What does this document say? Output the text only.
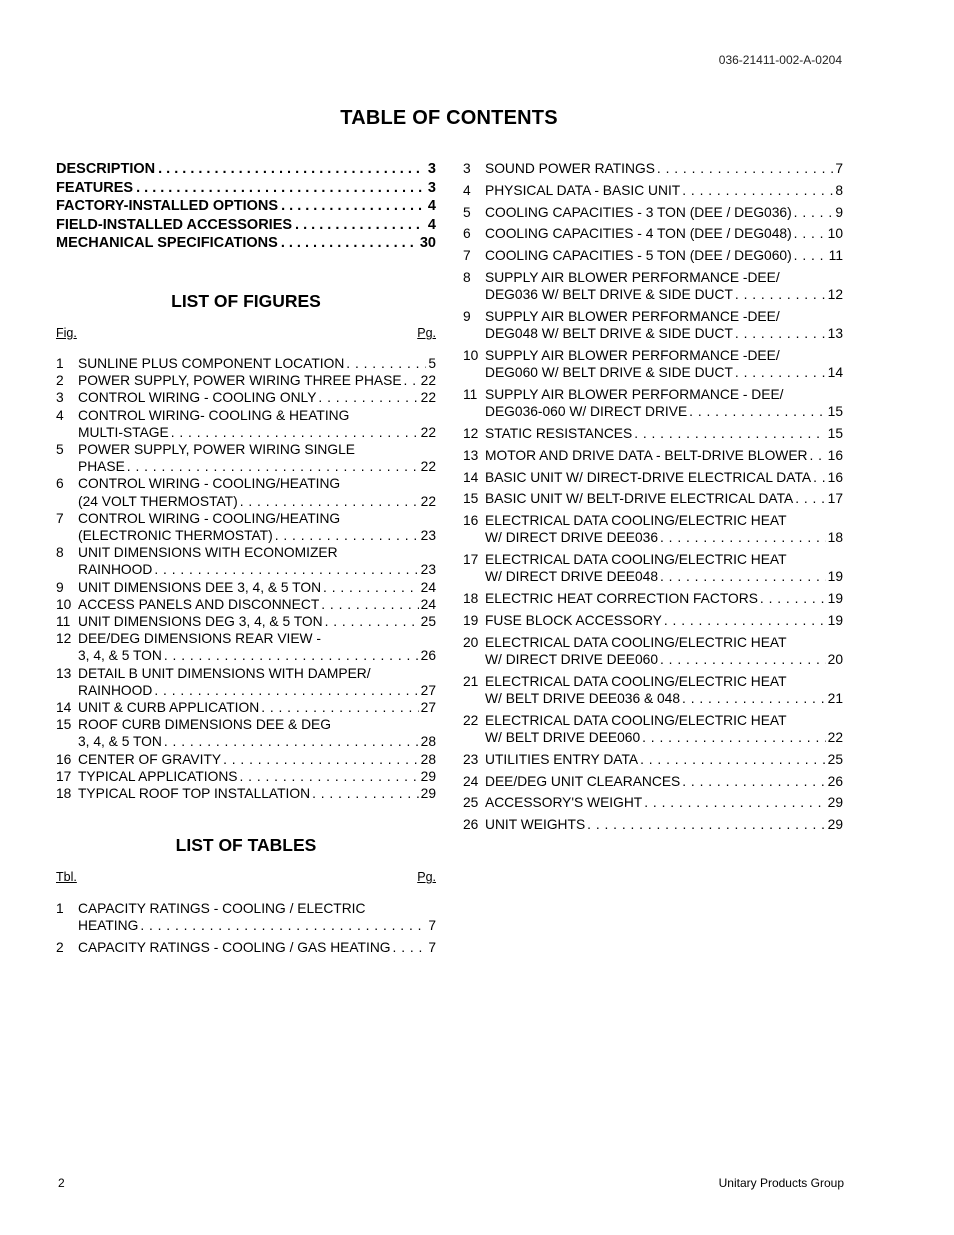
036-21411-002-A-0204
TABLE OF CONTENTS
DESCRIPTION . . .	3
FEATURES . . .	3
FACTORY-INSTALLED OPTIONS . . .	4
FIELD-INSTALLED ACCESSORIES . . .	4
MECHANICAL SPECIFICATIONS . . .	30
LIST OF FIGURES
Fig.	Pg.
1	SUNLINE PLUS COMPONENT LOCATION . . .	5
2	POWER SUPPLY, POWER WIRING THREE PHASE . . . 22
3	CONTROL WIRING - COOLING ONLY . . .	22
4	CONTROL WIRING- COOLING & HEATING
MULTI-STAGE . . .	22
5	POWER SUPPLY, POWER WIRING SINGLE
PHASE . . .	22
6	CONTROL WIRING - COOLING/HEATING
(24 VOLT THERMOSTAT) . . .	22
7	CONTROL WIRING - COOLING/HEATING
(ELECTRONIC THERMOSTAT) . . .	23
8	UNIT DIMENSIONS WITH ECONOMIZER
RAINHOOD . . .	23
9	UNIT DIMENSIONS DEE 3, 4, & 5 TON . . .	24
10 ACCESS PANELS AND DISCONNECT . . .	24
11 UNIT DIMENSIONS DEG 3, 4, & 5 TON . . .	25
12 DEE/DEG DIMENSIONS REAR VIEW -
3, 4, & 5 TON . . .	26
13 DETAIL B UNIT DIMENSIONS WITH DAMPER/
RAINHOOD . . .	27
14 UNIT & CURB APPLICATION . . .	27
15 ROOF CURB DIMENSIONS DEE & DEG
3, 4, & 5 TON . . .	28
16 CENTER OF GRAVITY . . .	28
17 TYPICAL APPLICATIONS . . .	29
18 TYPICAL ROOF TOP INSTALLATION . . .	29
LIST OF TABLES
Tbl.	Pg.
1	CAPACITY RATINGS - COOLING / ELECTRIC
HEATING . . .	7
2	CAPACITY RATINGS - COOLING / GAS HEATING . . .	7
3	SOUND POWER RATINGS . . .	7
4	PHYSICAL DATA - BASIC UNIT . . .	8
5	COOLING CAPACITIES - 3 TON (DEE / DEG036) . . .	9
6	COOLING CAPACITIES - 4 TON (DEE / DEG048) . . .	10
7	COOLING CAPACITIES - 5 TON (DEE / DEG060) . . .	11
8	SUPPLY AIR BLOWER PERFORMANCE -DEE/
DEG036 W/ BELT DRIVE & SIDE DUCT . . .	12
9	SUPPLY AIR BLOWER PERFORMANCE -DEE/
DEG048 W/ BELT DRIVE & SIDE DUCT . . .	13
10 SUPPLY AIR BLOWER PERFORMANCE -DEE/
DEG060 W/ BELT DRIVE & SIDE DUCT . . .	14
11 SUPPLY AIR BLOWER PERFORMANCE - DEE/
DEG036-060 W/ DIRECT DRIVE . . .	15
12 STATIC RESISTANCES . . .	15
13 MOTOR AND DRIVE DATA - BELT-DRIVE BLOWER . . . 16
14 BASIC UNIT W/ DIRECT-DRIVE ELECTRICAL DATA . . . 16
15 BASIC UNIT W/ BELT-DRIVE ELECTRICAL DATA . . . 17
16 ELECTRICAL DATA COOLING/ELECTRIC HEAT
W/ DIRECT DRIVE DEE036 . . .	18
17 ELECTRICAL DATA COOLING/ELECTRIC HEAT
W/ DIRECT DRIVE DEE048 . . .	19
18 ELECTRIC HEAT CORRECTION FACTORS . . .	19
19 FUSE BLOCK ACCESSORY . . .	19
20 ELECTRICAL DATA COOLING/ELECTRIC HEAT
W/ DIRECT DRIVE DEE060 . . .	20
21 ELECTRICAL DATA COOLING/ELECTRIC HEAT
W/ BELT DRIVE DEE036 & 048 . . .	21
22 ELECTRICAL DATA COOLING/ELECTRIC HEAT
W/ BELT DRIVE DEE060 . . .	22
23 UTILITIES ENTRY DATA . . .	25
24 DEE/DEG UNIT CLEARANCES . . .	26
25 ACCESSORY'S WEIGHT . . .	29
26 UNIT WEIGHTS . . .	29
2	Unitary Products Group
